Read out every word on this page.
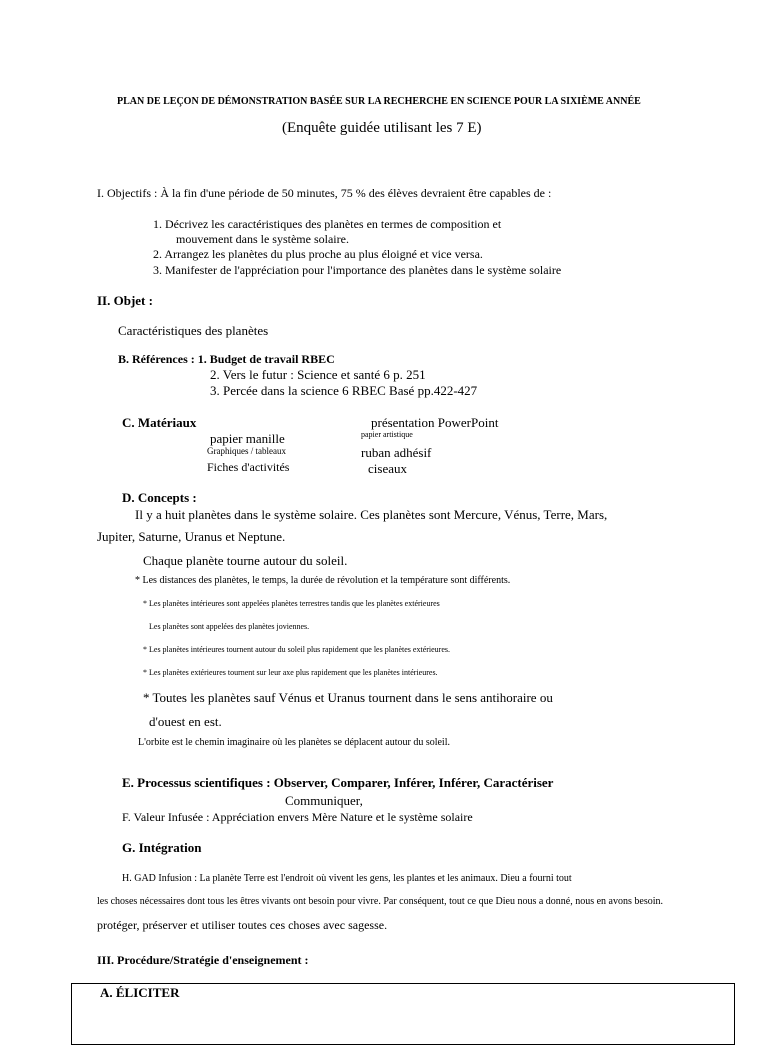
PLAN DE LEÇON DE DÉMONSTRATION BASÉE SUR LA RECHERCHE EN SCIENCE POUR LA SIXIÈME ANNÉE
(Enquête guidée utilisant les 7 E)
I. Objectifs : À la fin d'une période de 50 minutes, 75 % des élèves devraient être capables de :
1. Décrivez les caractéristiques des planètes en termes de composition et
mouvement dans le système solaire.
2. Arrangez les planètes du plus proche au plus éloigné et vice versa.
3. Manifester de l'appréciation pour l'importance des planètes dans le système solaire
II. Objet :
Caractéristiques des planètes
B. Références : 1. Budget de travail RBEC
2. Vers le futur : Science et santé 6 p. 251
3. Percée dans la science 6 RBEC Basé pp.422-427
C. Matériaux	présentation PowerPoint
papier manille	papier artistique
Graphiques / tableaux	ruban adhésif
Fiches d'activités	ciseaux
D. Concepts :
Il y a huit planètes dans le système solaire. Ces planètes sont Mercure, Vénus, Terre, Mars,
Jupiter, Saturne, Uranus et Neptune.
Chaque planète tourne autour du soleil.
* Les distances des planètes, le temps, la durée de révolution et la température sont différents.
* Les planètes intérieures sont appelées planètes terrestres tandis que les planètes extérieures
Les planètes sont appelées des planètes joviennes.
* Les planètes intérieures tournent autour du soleil plus rapidement que les planètes extérieures.
* Les planètes extérieures tournent sur leur axe plus rapidement que les planètes intérieures.
* Toutes les planètes sauf Vénus et Uranus tournent dans le sens antihoraire ou
d'ouest en est.
L'orbite est le chemin imaginaire où les planètes se déplacent autour du soleil.
E. Processus scientifiques : Observer, Comparer, Inférer, Inférer, Caractériser
Communiquer,
F. Valeur Infusée : Appréciation envers Mère Nature et le système solaire
G. Intégration
H. GAD Infusion : La planète Terre est l'endroit où vivent les gens, les plantes et les animaux. Dieu a fourni tout
les choses nécessaires dont tous les êtres vivants ont besoin pour vivre. Par conséquent, tout ce que Dieu nous a donné, nous en avons besoin.
protéger, préserver et utiliser toutes ces choses avec sagesse.
III. Procédure/Stratégie d'enseignement :
A. ÉLICITER
